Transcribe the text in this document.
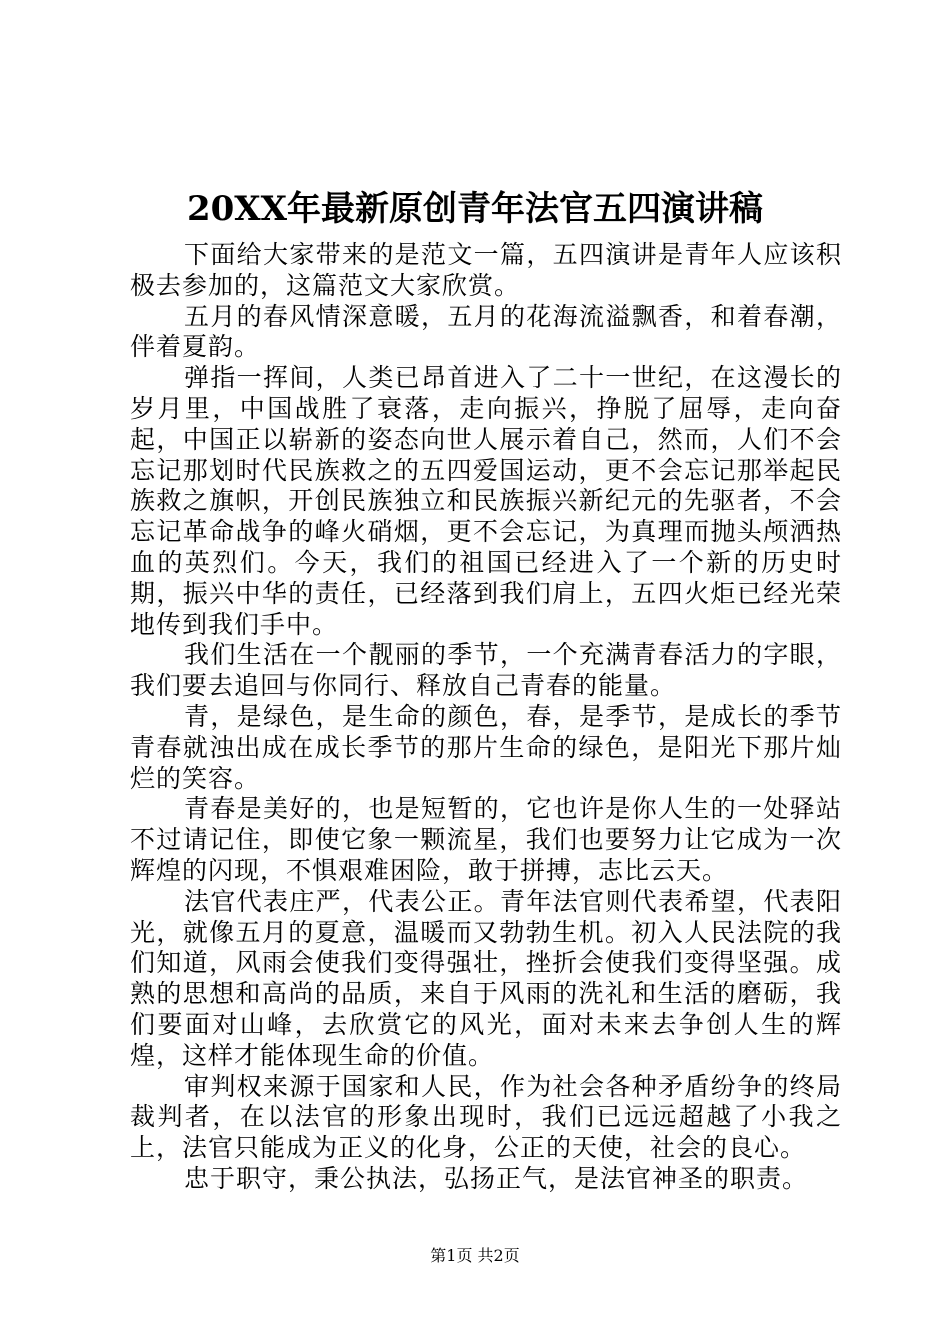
20XX年最新原创青年法官五四演讲稿

下面给大家带来的是范文一篇，五四演讲是青年人应该积极去参加的，这篇范文大家欣赏。

五月的春风情深意暖，五月的花海流溢飘香，和着春潮，伴着夏韵。

弹指一挥间，人类已昂首进入了二十一世纪，在这漫长的岁月里，中国战胜了衰落，走向振兴，挣脱了屈辱，走向奋起，中国正以崭新的姿态向世人展示着自己，然而，人们不会忘记那划时代民族救之的五四爱国运动，更不会忘记那举起民族救之旗帜，开创民族独立和民族振兴新纪元的先驱者，不会忘记革命战争的峰火硝烟，更不会忘记，为真理而抛头颅洒热血的英烈们。今天，我们的祖国已经进入了一个新的历史时期，振兴中华的责任，已经落到我们肩上，五四火炬已经光荣地传到我们手中。

我们生活在一个靓丽的季节，一个充满青春活力的字眼，我们要去追回与你同行、释放自己青春的能量。

青，是绿色，是生命的颜色，春，是季节，是成长的季节青春就浊出成在成长季节的那片生命的绿色，是阳光下那片灿烂的笑容。

青春是美好的，也是短暂的，它也许是你人生的一处驿站不过请记住，即使它象一颗流星，我们也要努力让它成为一次辉煌的闪现，不惧艰难困险，敢于拼搏，志比云天。

法官代表庄严，代表公正。青年法官则代表希望，代表阳光，就像五月的夏意，温暖而又勃勃生机。初入人民法院的我们知道，风雨会使我们变得强壮，挫折会使我们变得坚强。成熟的思想和高尚的品质，来自于风雨的洗礼和生活的磨砺，我们要面对山峰，去欣赏它的风光，面对未来去争创人生的辉煌，这样才能体现生命的价值。

审判权来源于国家和人民，作为社会各种矛盾纷争的终局裁判者，在以法官的形象出现时，我们已远远超越了小我之上，法官只能成为正义的化身，公正的天使，社会的良心。

忠于职守，秉公执法，弘扬正气，是法官神圣的职责。

第1页 共2页
